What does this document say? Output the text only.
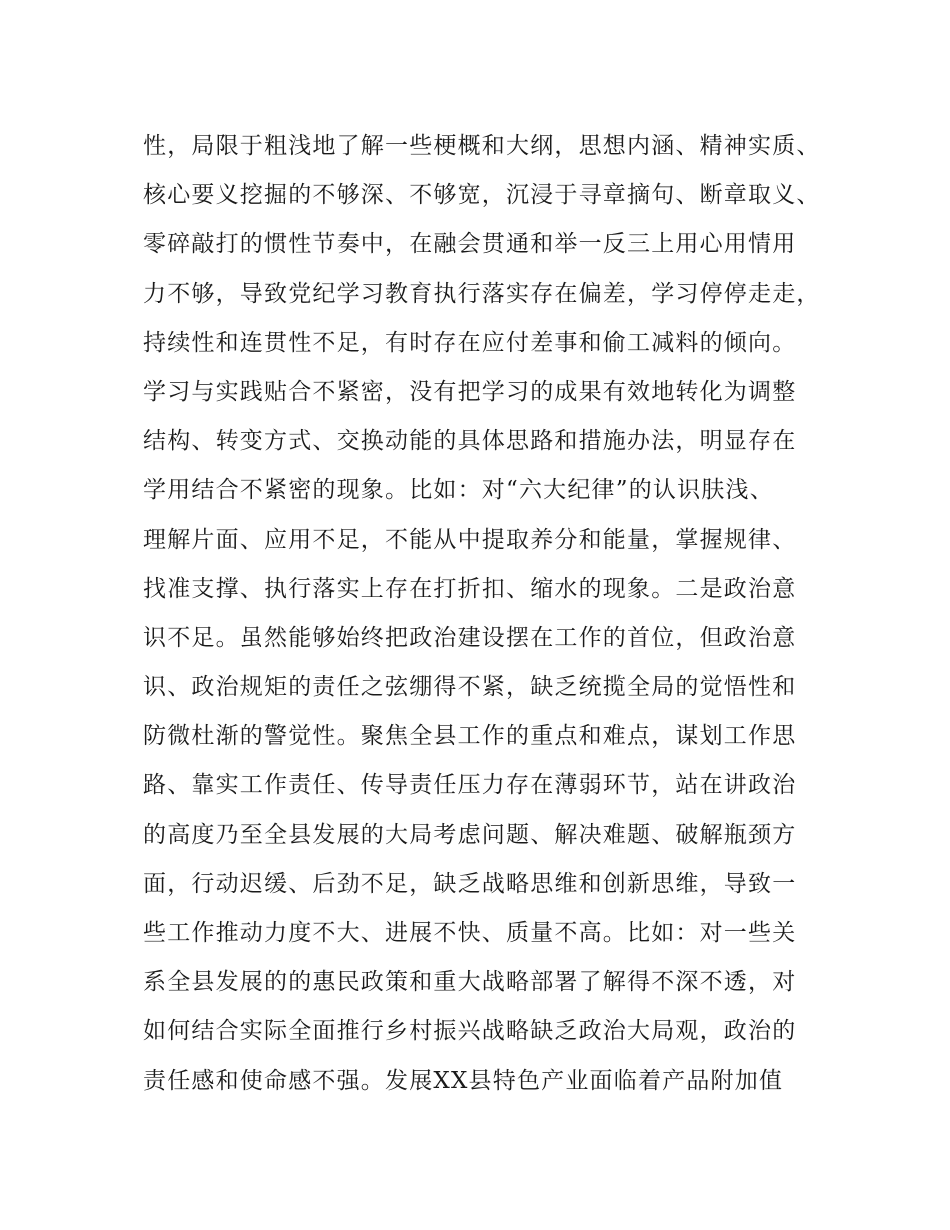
性，局限于粗浅地了解一些梗概和大纲，思想内涵、精神实质、
核心要义挖掘的不够深、不够宽，沉浸于寻章摘句、断章取义、
零碎敲打的惯性节奏中，在融会贯通和举一反三上用心用情用
力不够，导致党纪学习教育执行落实存在偏差，学习停停走走，
持续性和连贯性不足，有时存在应付差事和偷工减料的倾向。
学习与实践贴合不紧密，没有把学习的成果有效地转化为调整
结构、转变方式、交换动能的具体思路和措施办法，明显存在
学用结合不紧密的现象。比如：对“六大纪律”的认识肤浅、
理解片面、应用不足，不能从中提取养分和能量，掌握规律、
找准支撑、执行落实上存在打折扣、缩水的现象。二是政治意
识不足。虽然能够始终把政治建设摆在工作的首位，但政治意
识、政治规矩的责任之弦绷得不紧，缺乏统揽全局的觉悟性和
防微杜渐的警觉性。聚焦全县工作的重点和难点，谋划工作思
路、靠实工作责任、传导责任压力存在薄弱环节，站在讲政治
的高度乃至全县发展的大局考虑问题、解决难题、破解瓶颈方
面，行动迟缓、后劲不足，缺乏战略思维和创新思维，导致一
些工作推动力度不大、进展不快、质量不高。比如：对一些关
系全县发展的的惠民政策和重大战略部署了解得不深不透，对
如何结合实际全面推行乡村振兴战略缺乏政治大局观，政治的
责任感和使命感不强。发展XX县特色产业面临着产品附加值
